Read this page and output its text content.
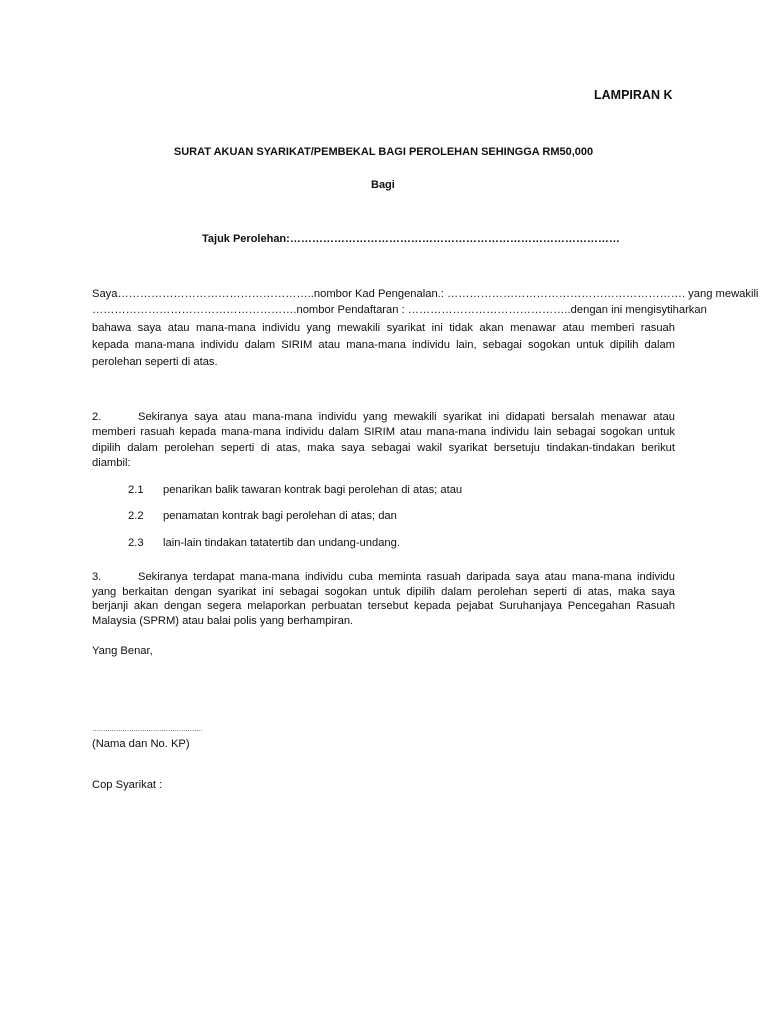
LAMPIRAN K
SURAT AKUAN SYARIKAT/PEMBEKAL BAGI PEROLEHAN SEHINGGA RM50,000
Bagi
Tajuk Perolehan:………………………………………………………………………………
Saya……………………………………………..nombor Kad Pengenalan.: ………………………………………………………. yang mewakili
……………………………………………….nombor Pendaftaran : ……………………………………..dengan ini mengisytiharkan
bahawa saya atau mana-mana individu yang mewakili syarikat ini tidak akan menawar atau memberi rasuah
kepada mana-mana individu dalam SIRIM atau mana-mana individu lain, sebagai sogokan untuk dipilih dalam
perolehan seperti di atas.
2.	Sekiranya saya atau mana-mana individu yang mewakili syarikat ini didapati bersalah menawar atau
memberi rasuah kepada mana-mana individu dalam SIRIM atau mana-mana individu lain sebagai sogokan untuk
dipilih dalam perolehan seperti di atas, maka saya sebagai wakil syarikat bersetuju tindakan-tindakan berikut
diambil:
2.1 penarikan balik tawaran kontrak bagi perolehan di atas; atau
2.2 penamatan kontrak bagi perolehan di atas; dan
2.3 lain-lain tindakan tatatertib dan undang-undang.
3.	Sekiranya terdapat mana-mana individu cuba meminta rasuah daripada saya atau mana-mana individu
yang berkaitan dengan syarikat ini sebagai sogokan untuk dipilih dalam perolehan seperti di atas, maka saya
berjanji akan dengan segera melaporkan perbuatan tersebut kepada pejabat Suruhanjaya Pencegahan Rasuah
Malaysia (SPRM) atau balai polis yang berhampiran.
Yang Benar,
……………………………………………
(Nama dan No. KP)
Cop Syarikat :
